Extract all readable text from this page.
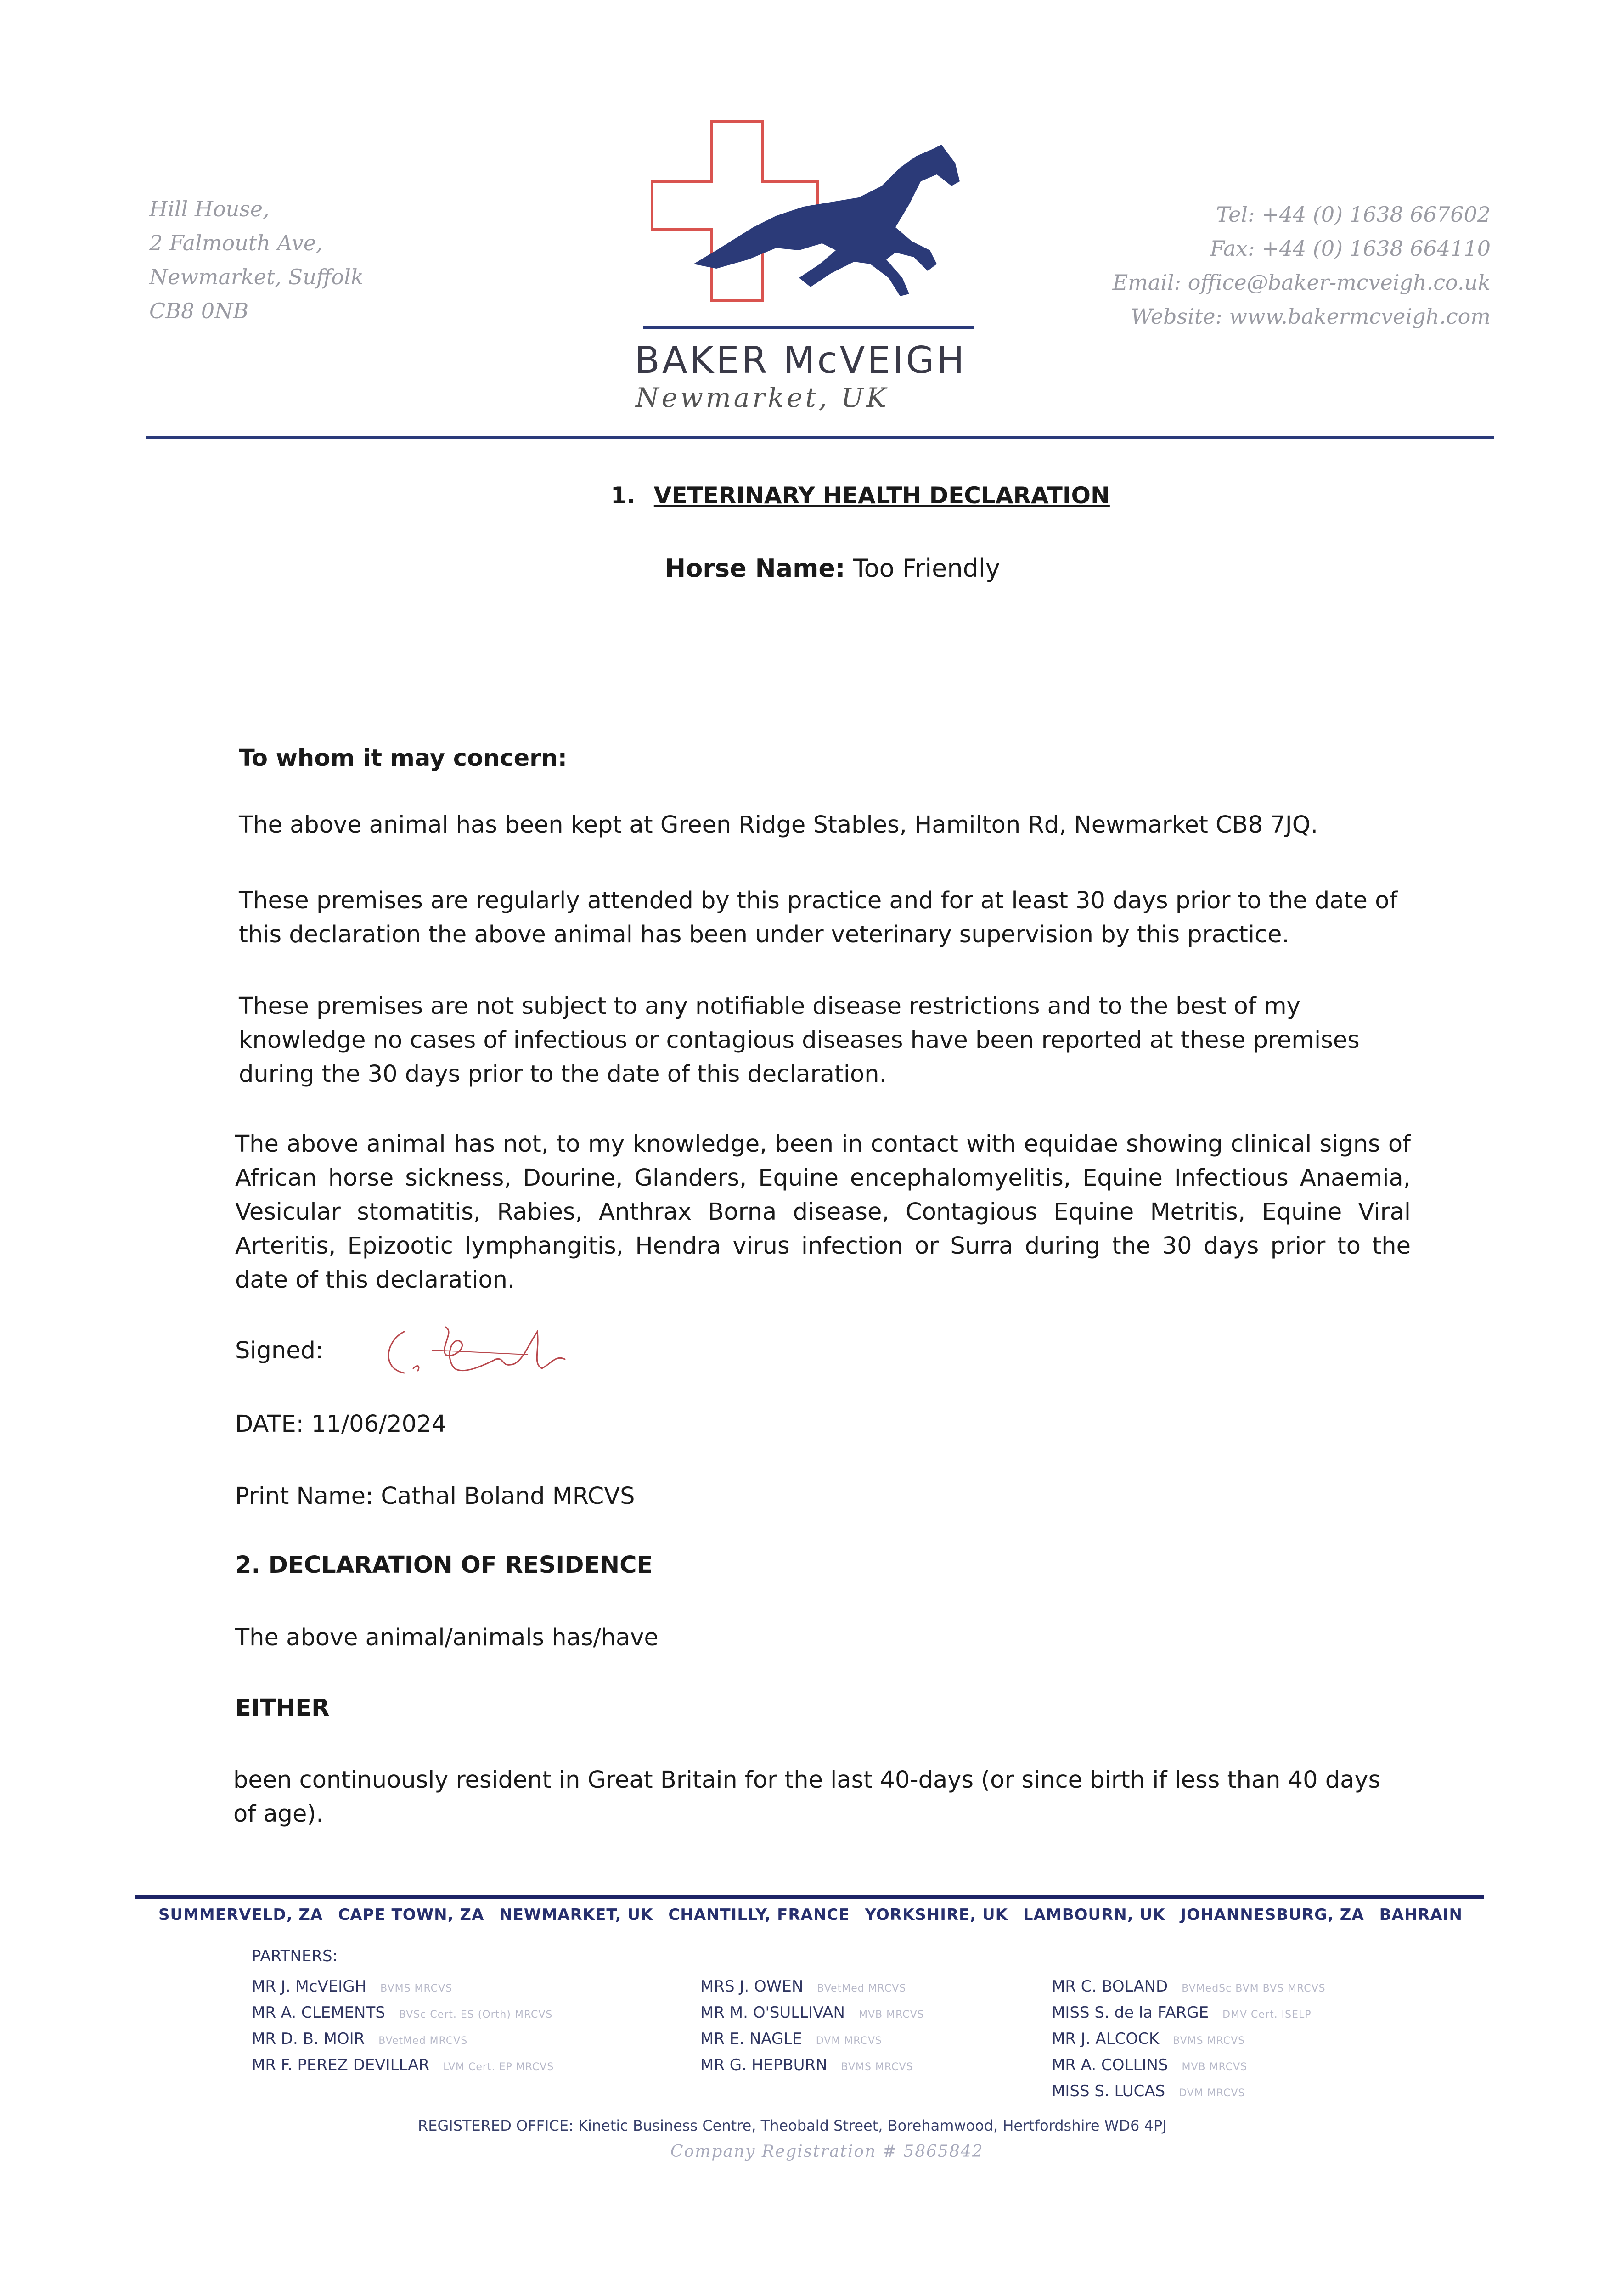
Hill House,
2 Falmouth Ave,
Newmarket, Suffolk
CB8 0NB
BAKER McVEIGH
Newmarket, UK
Tel: +44 (0) 1638 667602
Fax: +44 (0) 1638 664110
Email: office@baker-mcveigh.co.uk
Website: www.bakermcveigh.com
1. VETERINARY HEALTH DECLARATION
Horse Name: Too Friendly
To whom it may concern:
The above animal has been kept at Green Ridge Stables, Hamilton Rd, Newmarket CB8 7JQ.
These premises are regularly attended by this practice and for at least 30 days prior to the date of this declaration the above animal has been under veterinary supervision by this practice.
These premises are not subject to any notifiable disease restrictions and to the best of my knowledge no cases of infectious or contagious diseases have been reported at these premises during the 30 days prior to the date of this declaration.
The above animal has not, to my knowledge, been in contact with equidae showing clinical signs of African horse sickness, Dourine, Glanders, Equine encephalomyelitis, Equine Infectious Anaemia, Vesicular stomatitis, Rabies, Anthrax Borna disease, Contagious Equine Metritis, Equine Viral Arteritis, Epizootic lymphangitis, Hendra virus infection or Surra during the 30 days prior to the date of this declaration.
Signed:
DATE: 11/06/2024
Print Name: Cathal Boland MRCVS
2. DECLARATION OF RESIDENCE
The above animal/animals has/have
EITHER
been continuously resident in Great Britain for the last 40-days (or since birth if less than 40 days of age).
SUMMERVELD, ZA CAPE TOWN, ZA NEWMARKET, UK CHANTILLY, FRANCE YORKSHIRE, UK LAMBOURN, UK JOHANNESBURG, ZA BAHRAIN
PARTNERS:
MR J. McVEIGH BVMS MRCVS
MR A. CLEMENTS BVSc Cert. ES (Orth) MRCVS
MR D. B. MOIR BVetMed MRCVS
MR F. PEREZ DEVILLAR LVM Cert. EP MRCVS
MRS J. OWEN BVetMed MRCVS
MR M. O'SULLIVAN MVB MRCVS
MR E. NAGLE DVM MRCVS
MR G. HEPBURN BVMS MRCVS
MR C. BOLAND BVMedSc BVM BVS MRCVS
MISS S. de la FARGE DMV Cert. ISELP
MR J. ALCOCK BVMS MRCVS
MR A. COLLINS MVB MRCVS
MISS S. LUCAS DVM MRCVS
REGISTERED OFFICE: Kinetic Business Centre, Theobald Street, Borehamwood, Hertfordshire WD6 4PJ
Company Registration # 5865842
